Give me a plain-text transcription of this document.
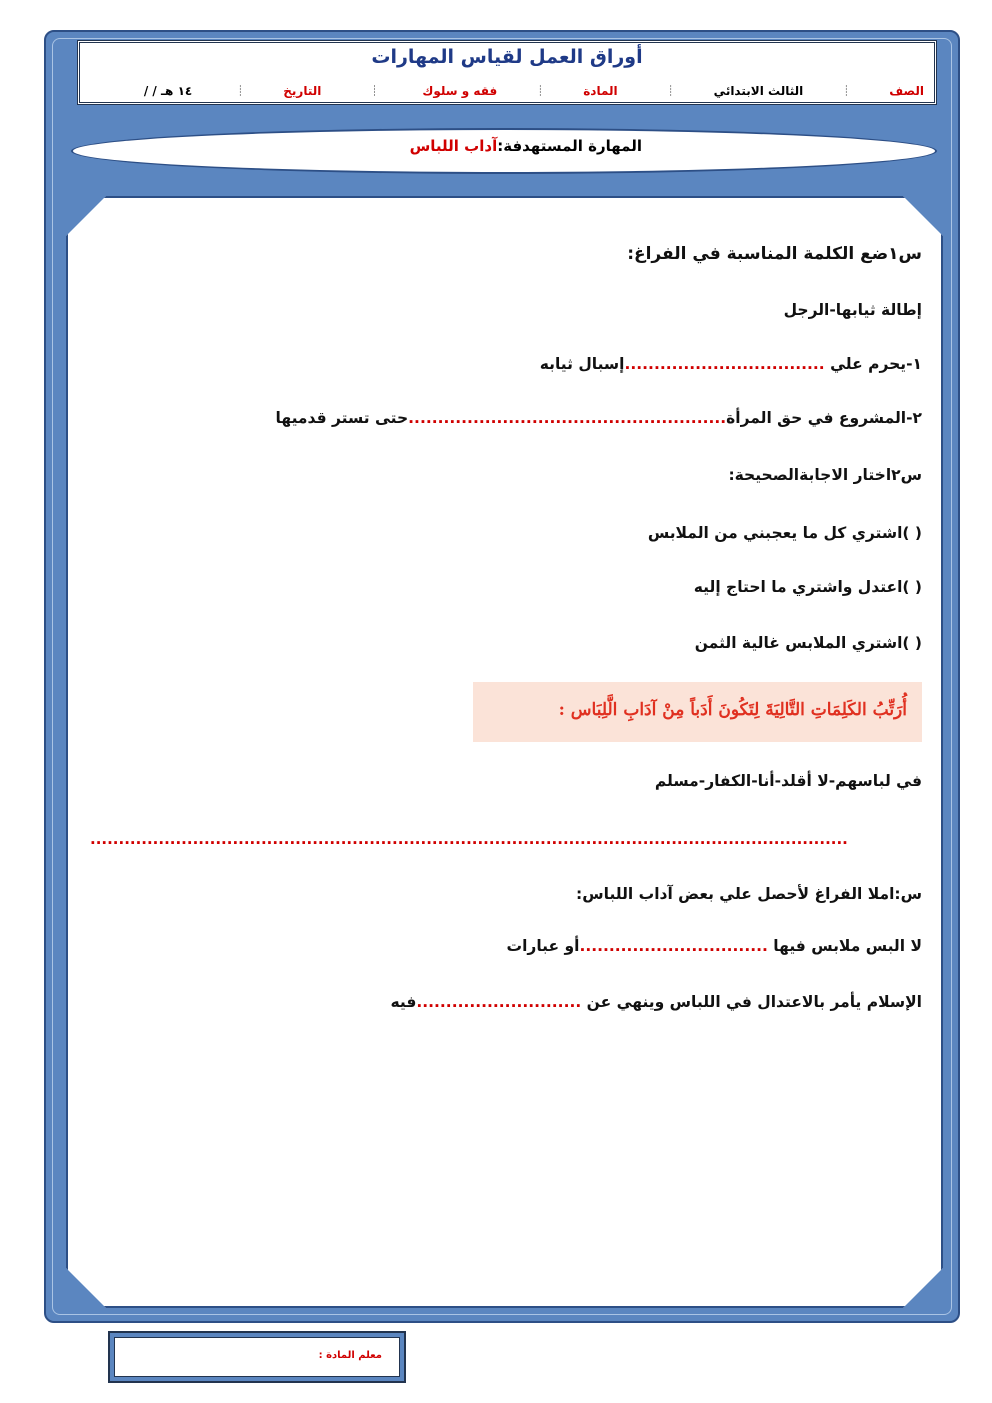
أوراق العمل لقياس المهارات
الصف
┊
الثالث الابتدائي
┊
المادة
┊
فقه و سلوك
┊
التاريخ
┊
/ / ١٤ هـ
المهارة المستهدفة:آداب اللباس
س١ضع الكلمة المناسبة في الفراغ:
إطالة ثيابها-الرجل
١-يحرم علي ..................................إسبال ثيابه
٢-المشروع في حق المرأة......................................................حتى تستر قدميها
س٢اختار الاجابةالصحيحة:
( )اشتري كل ما يعجبني من الملابس
( )اعتدل واشتري ما احتاج إليه
( )اشتري الملابس غالية الثمن
أُرَتِّبُ الكَلِمَاتِ التَّالِيَةَ لِتَكُونَ أَدَباً مِنْ آدَابِ الَّلِبَاس :
في لباسهم-لا أقلد-أنا-الكفار-مسلم
.....................................................................................................................................
س:املا الفراغ لأحصل علي بعض آداب اللباس:
لا البس ملابس فيها ................................أو عبارات
الإسلام يأمر بالاعتدال في اللباس وينهي عن ............................فيه
معلم المادة :
